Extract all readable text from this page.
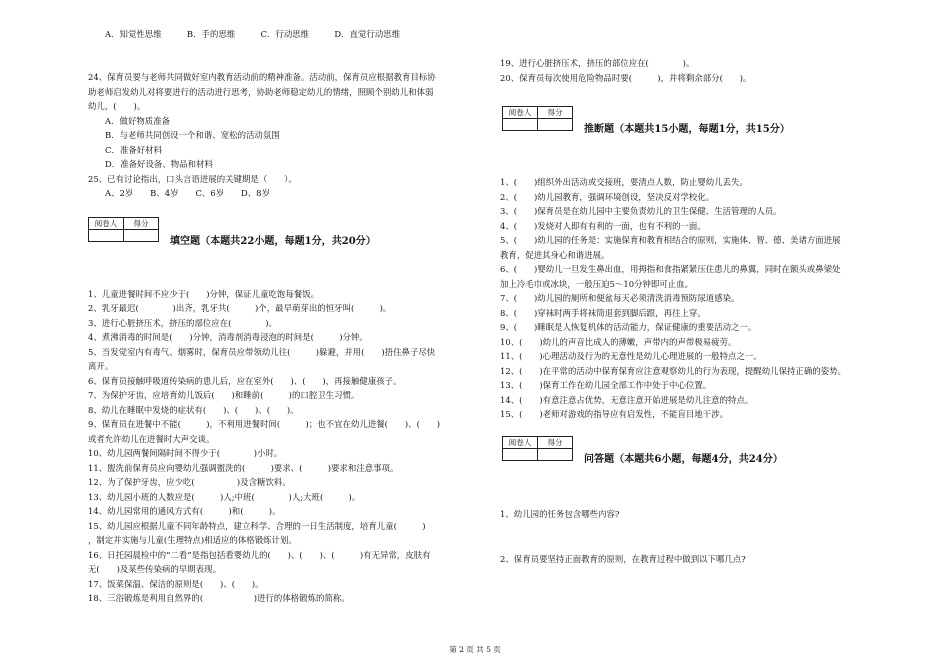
A．知觉性思维　　　B．手的思维　　　C．行动思维　　　D．直觉行动思维
24、保育员要与老师共同做好室内教育活动前的精神准备。活动前，保育员应根据教育目标协
助老师启发幼儿对将要进行的活动进行思考，协助老师稳定幼儿的情绪，照顾个别幼儿和体弱
幼儿，(　　)。
A．做好物质准备
B．与老师共同创设一个和谐、宽松的活动氛围
C．准备好材料
D．准备好设备、物品和材料
25、已有讨论指出，口头言语进展的关键期是（　　）。
A、2岁　　B、4岁　　C、6岁　　D、8岁
阅卷人	得分

填空题（本题共22小题，每题1分，共20分）
1、儿童进餐时间不应少于(　　)分钟，保证儿童吃饱每餐饭。
2、乳牙最迟(　　　　)出齐，乳牙共(　　　)个，最早萌芽出的恒牙叫(　　　)。
3、进行心脏挤压术，挤压的部位应在(　　　　)。
4、煮沸消毒的时间是(　　)分钟，消毒剂消毒浸泡的时间是(　　　)分钟。
5、当发觉室内有毒气、烟雾时，保育员应带领幼儿往(　　　)躲避，并用(　　)捂住鼻子尽快
离开。
6、保育员接触呼吸道传染病的患儿后，应在室外(　　)、(　　)，再接触健康孩子。
7、为保护牙齿，应培育幼儿饭后(　　)和睡前(　　　)的口腔卫生习惯。
8、幼儿在睡眠中发烧的症状有(　　)、(　　)、(　　)。
9、保育员在进餐中不能(　　　)，不利用进餐时间(　　　)；也不宜在幼儿进餐(　　)、(　　)
或者允许幼儿在进餐时大声交谈。
10、幼儿园两餐间隔时间不得少于(　　　　)小时。
11、盥洗前保育员应向婴幼儿强调盥洗的(　　　)要求、(　　　)要求和注意事项。
12、为了保护牙齿，应少吃(　　　　　)及含糖饮料。
13、幼儿园小班的人数应是(　　　)人;中班(　　　　)人;大班(　　　)。
14、幼儿园常用的通风方式有(　　　)和(　　　)。
15、幼儿园应根据儿童不同年龄特点，建立科学、合理的一日生活制度，培育儿童(　　　)
，制定并实施与儿童(生理特点)相适应的体格锻炼计划。
16、日托园晨检中的“二看”是指包括看婴幼儿的(　　)、(　　)、(　　　)有无异常，皮肤有
无(　　)及某些传染病的早期表现。
17、饭菜保温、保洁的原则是(　　)、(　　)。
18、三浴锻炼是利用自然界的(　　　　　　)进行的体格锻炼的简称。
19、进行心脏挤压术，挤压的部位应在(　　　　)。
20、保育员每次使用危险物品时要(　　　)，并将剩余部分(　　)。
阅卷人	得分

推断题（本题共15小题，每题1分，共15分）
1、(　　)组织外出活动或交接班，要清点人数，防止婴幼儿丢失。
2、(　　)幼儿园教育，强调环境创设，坚决反对学校化。
3、(　　)保育员是在幼儿园中主要负责幼儿的卫生保健、生活管理的人员。
4、(　　)发烧对人即有有利的一面，也有不利的一面。
5、(　　)幼儿园的任务是：实施保育和教育相结合的原则，实施体、智、德、美诸方面进展
教育，促进其身心和谐进展。
6、(　　)婴幼儿一旦发生鼻出血，用拇指和食指紧紧压住患儿的鼻翼，同时在额头或鼻梁处
加上冷毛巾或冰块，一般压迫5～10分钟即可止血。
7、(　　)幼儿园的厕所和便盆每天必须清洗消毒预防尿道感染。
8、(　　)穿袜时两手将袜筒退套到脚后跟，再往上穿。
9、(　　)睡眠是人恢复机体的活动能力，保证健康的重要活动之一。
10、(　　)幼儿的声音比成人的薄嫩，声带内的声带极易疲劳。
11、(　　)心理活动及行为的无意性是幼儿心理进展的一般特点之一。
12、(　　)在平常的活动中保育保育应注意观察幼儿的行为表现，提醒幼儿保持正确的姿势。
13、(　　)保育工作在幼儿园全部工作中处于中心位置。
14、(　　)有意注意占优势，无意注意开始进展是幼儿注意的特点。
15、(　　)老师对游戏的指导应有启发性，不能盲目地干涉。
阅卷人	得分

问答题（本题共6小题，每题4分，共24分）
1、幼儿园的任务包含哪些内容?
2、保育员要坚持正面教育的原则，在教育过程中做到以下哪几点?
第 2 页 共 5 页
